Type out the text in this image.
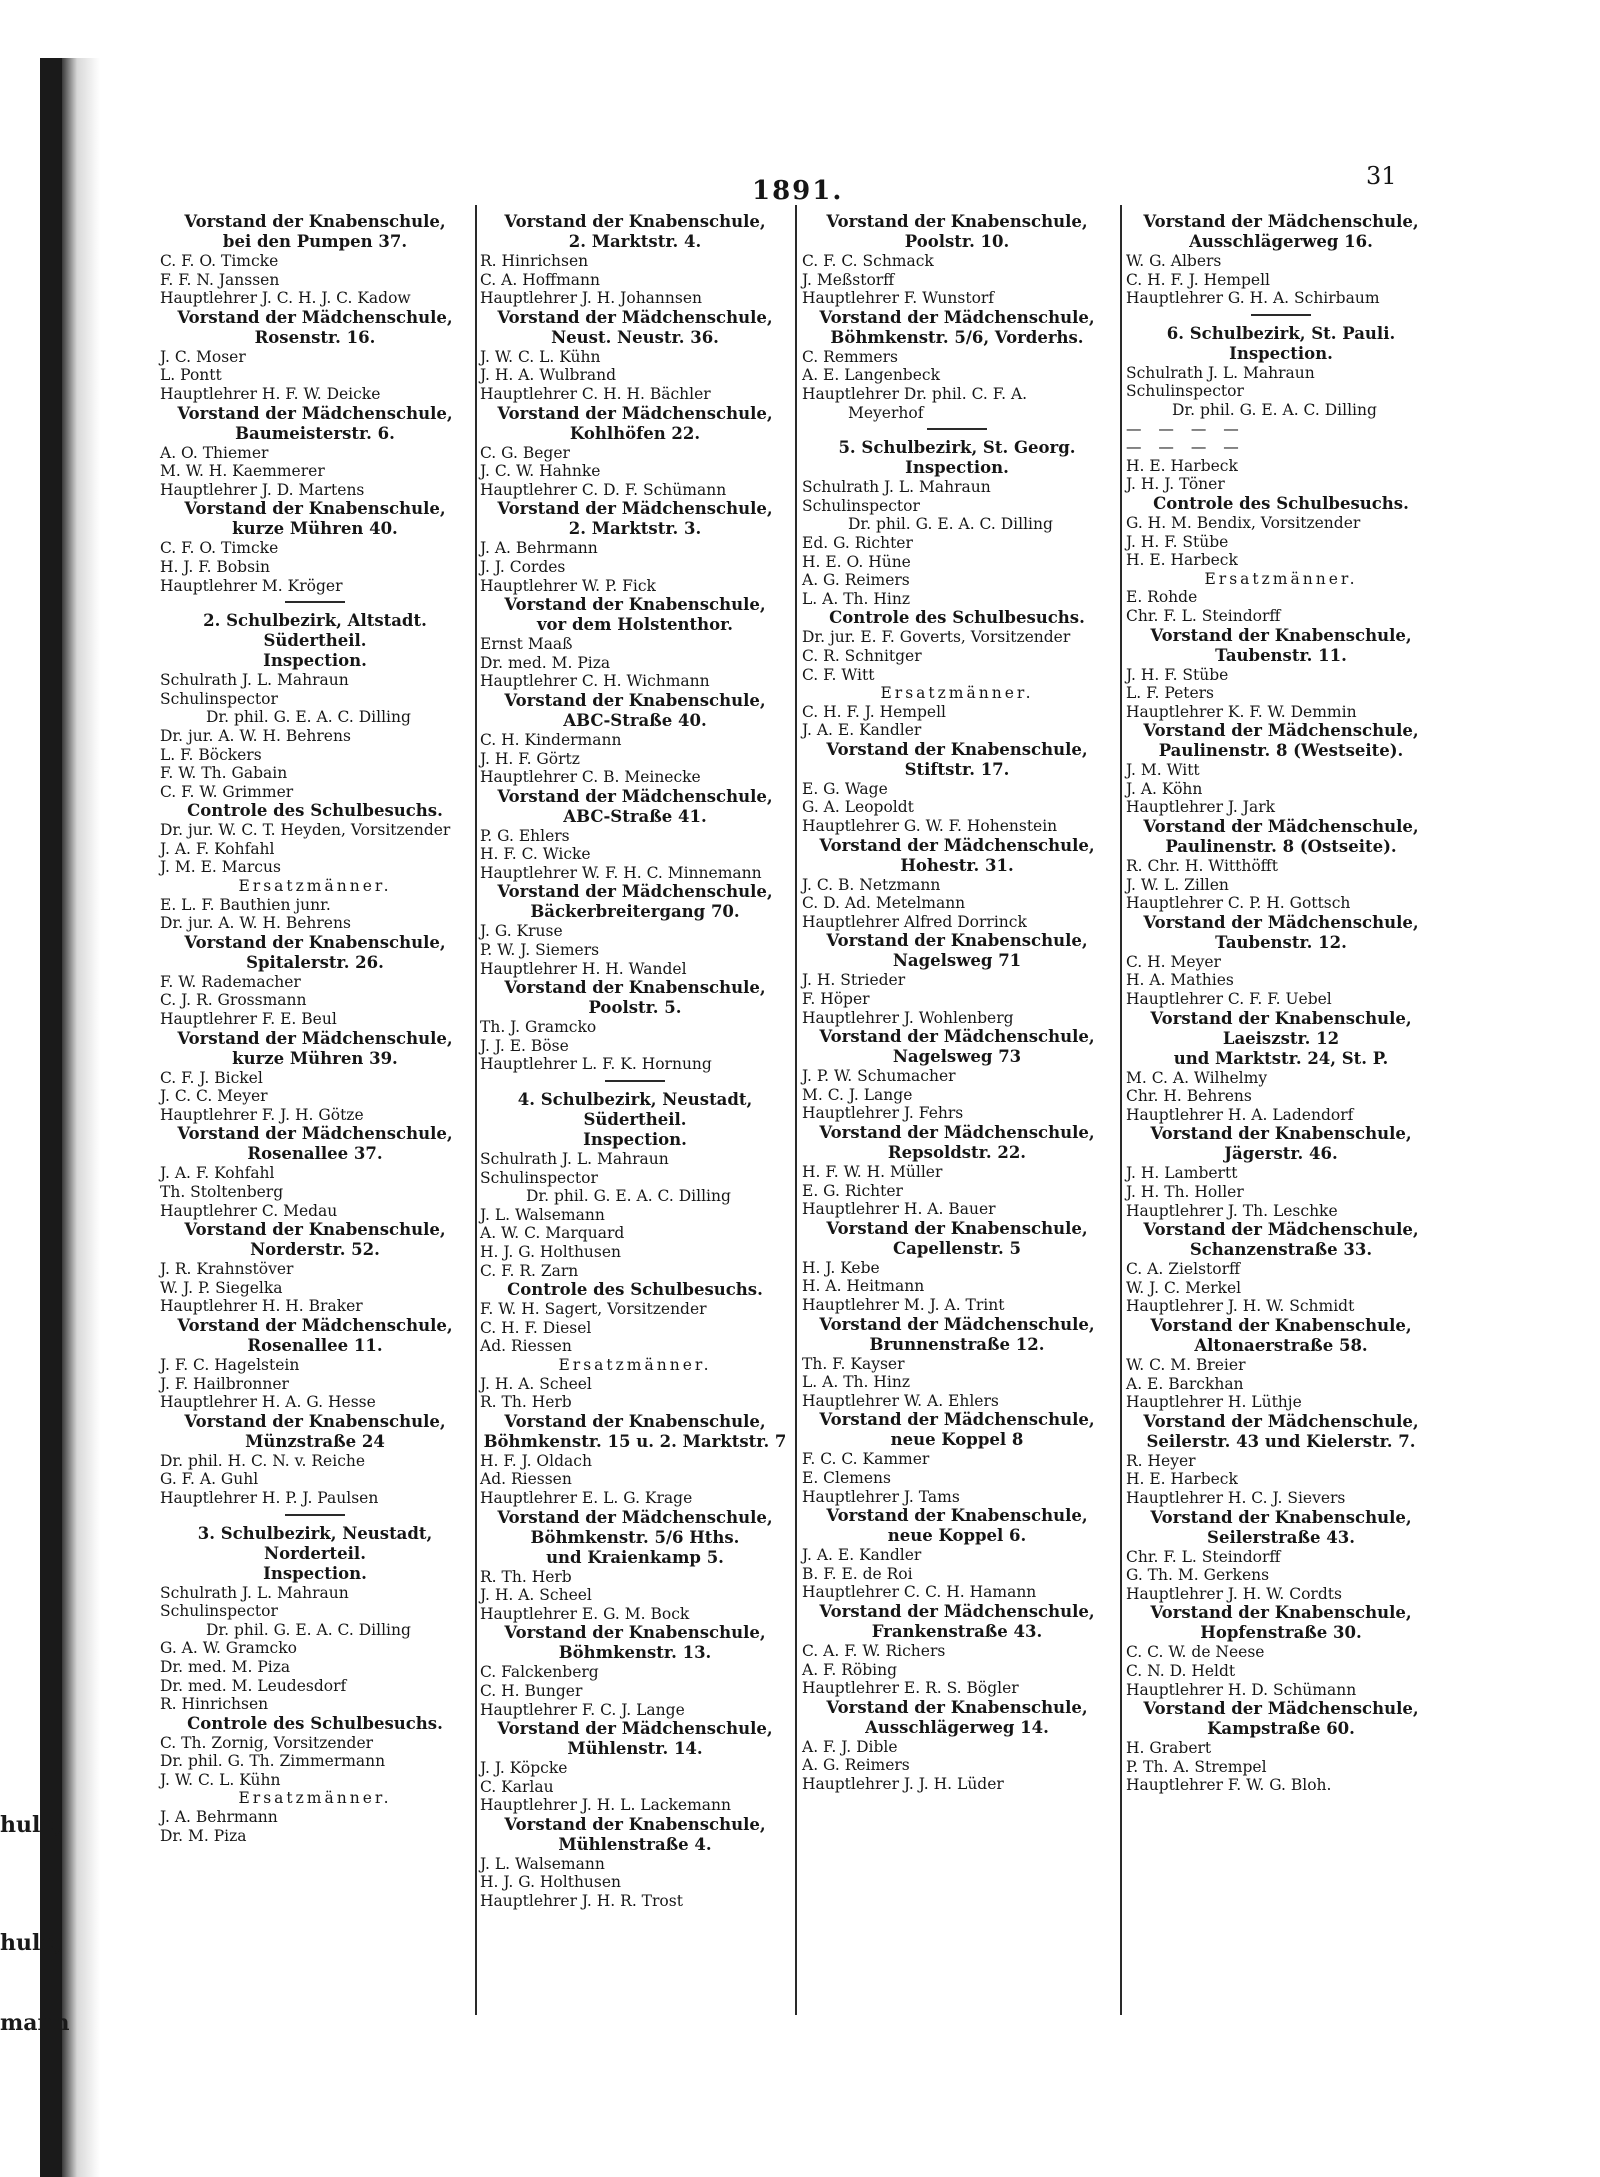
hule,
hule,
mann
1891.	31
Vorstand der Knabenschule,
bei den Pumpen 37.
C. F. O. Timcke
F. F. N. Janssen
Hauptlehrer J. C. H. J. C. Kadow
Vorstand der Mädchenschule,
Rosenstr. 16.
J. C. Moser
L. Pontt
Hauptlehrer H. F. W. Deicke
Vorstand der Mädchenschule,
Baumeisterstr. 6.
A. O. Thiemer
M. W. H. Kaemmerer
Hauptlehrer J. D. Martens
Vorstand der Knabenschule,
kurze Mühren 40.
C. F. O. Timcke
H. J. F. Bobsin
Hauptlehrer M. Kröger
2. Schulbezirk, Altstadt.
Südertheil.
Inspection.
Schulrath J. L. Mahraun
Schulinspector
Dr. phil. G. E. A. C. Dilling
Dr. jur. A. W. H. Behrens
L. F. Böckers
F. W. Th. Gabain
C. F. W. Grimmer
Controle des Schulbesuchs.
Dr. jur. W. C. T. Heyden, Vorsitzender
J. A. F. Kohfahl
J. M. E. Marcus
Ersatzmänner.
E. L. F. Bauthien junr.
Dr. jur. A. W. H. Behrens
Vorstand der Knabenschule,
Spitalerstr. 26.
F. W. Rademacher
C. J. R. Grossmann
Hauptlehrer F. E. Beul
Vorstand der Mädchenschule,
kurze Mühren 39.
C. F. J. Bickel
J. C. C. Meyer
Hauptlehrer F. J. H. Götze
Vorstand der Mädchenschule,
Rosenallee 37.
J. A. F. Kohfahl
Th. Stoltenberg
Hauptlehrer C. Medau
Vorstand der Knabenschule,
Norderstr. 52.
J. R. Krahnstöver
W. J. P. Siegelka
Hauptlehrer H. H. Braker
Vorstand der Mädchenschule,
Rosenallee 11.
J. F. C. Hagelstein
J. F. Hailbronner
Hauptlehrer H. A. G. Hesse
Vorstand der Knabenschule,
Münzstraße 24
Dr. phil. H. C. N. v. Reiche
G. F. A. Guhl
Hauptlehrer H. P. J. Paulsen
3. Schulbezirk, Neustadt,
Norderteil.
Inspection.
Schulrath J. L. Mahraun
Schulinspector
Dr. phil. G. E. A. C. Dilling
G. A. W. Gramcko
Dr. med. M. Piza
Dr. med. M. Leudesdorf
R. Hinrichsen
Controle des Schulbesuchs.
C. Th. Zornig, Vorsitzender
Dr. phil. G. Th. Zimmermann
J. W. C. L. Kühn
Ersatzmänner.
J. A. Behrmann
Dr. M. Piza
Vorstand der Knabenschule,
2. Marktstr. 4.
R. Hinrichsen
C. A. Hoffmann
Hauptlehrer J. H. Johannsen
Vorstand der Mädchenschule,
Neust. Neustr. 36.
J. W. C. L. Kühn
J. H. A. Wulbrand
Hauptlehrer C. H. H. Bächler
Vorstand der Mädchenschule,
Kohlhöfen 22.
C. G. Beger
J. C. W. Hahnke
Hauptlehrer C. D. F. Schümann
Vorstand der Mädchenschule,
2. Marktstr. 3.
J. A. Behrmann
J. J. Cordes
Hauptlehrer W. P. Fick
Vorstand der Knabenschule,
vor dem Holstenthor.
Ernst Maaß
Dr. med. M. Piza
Hauptlehrer C. H. Wichmann
Vorstand der Knabenschule,
ABC-Straße 40.
C. H. Kindermann
J. H. F. Görtz
Hauptlehrer C. B. Meinecke
Vorstand der Mädchenschule,
ABC-Straße 41.
P. G. Ehlers
H. F. C. Wicke
Hauptlehrer W. F. H. C. Minnemann
Vorstand der Mädchenschule,
Bäckerbreitergang 70.
J. G. Kruse
P. W. J. Siemers
Hauptlehrer H. H. Wandel
Vorstand der Knabenschule,
Poolstr. 5.
Th. J. Gramcko
J. J. E. Böse
Hauptlehrer L. F. K. Hornung
4. Schulbezirk, Neustadt,
Südertheil.
Inspection.
Schulrath J. L. Mahraun
Schulinspector
Dr. phil. G. E. A. C. Dilling
J. L. Walsemann
A. W. C. Marquard
H. J. G. Holthusen
C. F. R. Zarn
Controle des Schulbesuchs.
F. W. H. Sagert, Vorsitzender
C. H. F. Diesel
Ad. Riessen
Ersatzmänner.
J. H. A. Scheel
R. Th. Herb
Vorstand der Knabenschule,
Böhmkenstr. 15 u. 2. Marktstr. 7
H. F. J. Oldach
Ad. Riessen
Hauptlehrer E. L. G. Krage
Vorstand der Mädchenschule,
Böhmkenstr. 5/6 Hths.
und Kraienkamp 5.
R. Th. Herb
J. H. A. Scheel
Hauptlehrer E. G. M. Bock
Vorstand der Knabenschule,
Böhmkenstr. 13.
C. Falckenberg
C. H. Bunger
Hauptlehrer F. C. J. Lange
Vorstand der Mädchenschule,
Mühlenstr. 14.
J. J. Köpcke
C. Karlau
Hauptlehrer J. H. L. Lackemann
Vorstand der Knabenschule,
Mühlenstraße 4.
J. L. Walsemann
H. J. G. Holthusen
Hauptlehrer J. H. R. Trost
Vorstand der Knabenschule,
Poolstr. 10.
C. F. C. Schmack
J. Meßstorff
Hauptlehrer F. Wunstorf
Vorstand der Mädchenschule,
Böhmkenstr. 5/6, Vorderhs.
C. Remmers
A. E. Langenbeck
Hauptlehrer Dr. phil. C. F. A.
Meyerhof
5. Schulbezirk, St. Georg.
Inspection.
Schulrath J. L. Mahraun
Schulinspector
Dr. phil. G. E. A. C. Dilling
Ed. G. Richter
H. E. O. Hüne
A. G. Reimers
L. A. Th. Hinz
Controle des Schulbesuchs.
Dr. jur. E. F. Goverts, Vorsitzender
C. R. Schnitger
C. F. Witt
Ersatzmänner.
C. H. F. J. Hempell
J. A. E. Kandler
Vorstand der Knabenschule,
Stiftstr. 17.
E. G. Wage
G. A. Leopoldt
Hauptlehrer G. W. F. Hohenstein
Vorstand der Mädchenschule,
Hohestr. 31.
J. C. B. Netzmann
C. D. Ad. Metelmann
Hauptlehrer Alfred Dorrinck
Vorstand der Knabenschule,
Nagelsweg 71
J. H. Strieder
F. Höper
Hauptlehrer J. Wohlenberg
Vorstand der Mädchenschule,
Nagelsweg 73
J. P. W. Schumacher
M. C. J. Lange
Hauptlehrer J. Fehrs
Vorstand der Mädchenschule,
Repsoldstr. 22.
H. F. W. H. Müller
E. G. Richter
Hauptlehrer H. A. Bauer
Vorstand der Knabenschule,
Capellenstr. 5
H. J. Kebe
H. A. Heitmann
Hauptlehrer M. J. A. Trint
Vorstand der Mädchenschule,
Brunnenstraße 12.
Th. F. Kayser
L. A. Th. Hinz
Hauptlehrer W. A. Ehlers
Vorstand der Mädchenschule,
neue Koppel 8
F. C. C. Kammer
E. Clemens
Hauptlehrer J. Tams
Vorstand der Knabenschule,
neue Koppel 6.
J. A. E. Kandler
B. F. E. de Roi
Hauptlehrer C. C. H. Hamann
Vorstand der Mädchenschule,
Frankenstraße 43.
C. A. F. W. Richers
A. F. Röbing
Hauptlehrer E. R. S. Bögler
Vorstand der Knabenschule,
Ausschlägerweg 14.
A. F. J. Dible
A. G. Reimers
Hauptlehrer J. J. H. Lüder
Vorstand der Mädchenschule,
Ausschlägerweg 16.
W. G. Albers
C. H. F. J. Hempell
Hauptlehrer G. H. A. Schirbaum
6. Schulbezirk, St. Pauli.
Inspection.
Schulrath J. L. Mahraun
Schulinspector
Dr. phil. G. E. A. C. Dilling
— — — —
— — — —
H. E. Harbeck
J. H. J. Töner
Controle des Schulbesuchs.
G. H. M. Bendix, Vorsitzender
J. H. F. Stübe
H. E. Harbeck
Ersatzmänner.
E. Rohde
Chr. F. L. Steindorff
Vorstand der Knabenschule,
Taubenstr. 11.
J. H. F. Stübe
L. F. Peters
Hauptlehrer K. F. W. Demmin
Vorstand der Mädchenschule,
Paulinenstr. 8 (Westseite).
J. M. Witt
J. A. Köhn
Hauptlehrer J. Jark
Vorstand der Mädchenschule,
Paulinenstr. 8 (Ostseite).
R. Chr. H. Witthöfft
J. W. L. Zillen
Hauptlehrer C. P. H. Gottsch
Vorstand der Mädchenschule,
Taubenstr. 12.
C. H. Meyer
H. A. Mathies
Hauptlehrer C. F. F. Uebel
Vorstand der Knabenschule,
Laeiszstr. 12
und Marktstr. 24, St. P.
M. C. A. Wilhelmy
Chr. H. Behrens
Hauptlehrer H. A. Ladendorf
Vorstand der Knabenschule,
Jägerstr. 46.
J. H. Lambertt
J. H. Th. Holler
Hauptlehrer J. Th. Leschke
Vorstand der Mädchenschule,
Schanzenstraße 33.
C. A. Zielstorff
W. J. C. Merkel
Hauptlehrer J. H. W. Schmidt
Vorstand der Knabenschule,
Altonaerstraße 58.
W. C. M. Breier
A. E. Barckhan
Hauptlehrer H. Lüthje
Vorstand der Mädchenschule,
Seilerstr. 43 und Kielerstr. 7.
R. Heyer
H. E. Harbeck
Hauptlehrer H. C. J. Sievers
Vorstand der Knabenschule,
Seilerstraße 43.
Chr. F. L. Steindorff
G. Th. M. Gerkens
Hauptlehrer J. H. W. Cordts
Vorstand der Knabenschule,
Hopfenstraße 30.
C. C. W. de Neese
C. N. D. Heldt
Hauptlehrer H. D. Schümann
Vorstand der Mädchenschule,
Kampstraße 60.
H. Grabert
P. Th. A. Strempel
Hauptlehrer F. W. G. Bloh.
